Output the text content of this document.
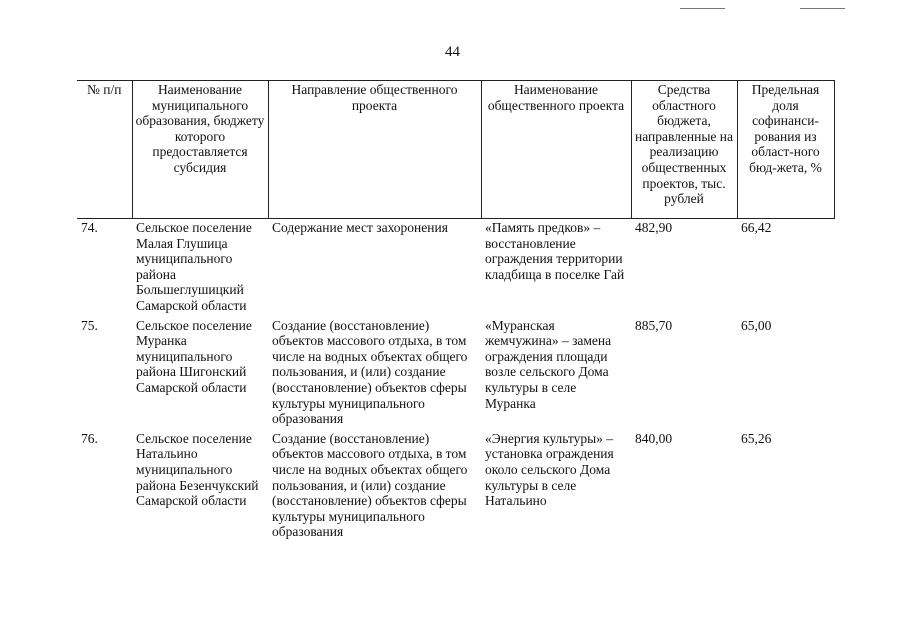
44
№ п/п	Наименование муниципального образования, бюджету которого предоставляется субсидия	Направление общественного проекта	Наименование общественного проекта	Средства областного бюджета, направленные на реализацию общественных проектов, тыс. рублей	Предельная доля софинанси-рования из област-ного бюд-жета, %
74.	Сельское поселение Малая Глушица муниципального района Большеглушицкий Самарской области	Содержание мест захоронения	«Память предков» – восстановление ограждения территории кладбища в поселке Гай	482,90	66,42
75.	Сельское поселение Муранка муниципального района Шигонский Самарской области	Создание (восстановление) объектов массового отдыха, в том числе на водных объектах общего пользования, и (или) создание (восстановление) объектов сферы культуры муниципального образования	«Муранская жемчужина» – замена ограждения площади возле сельского Дома культуры в селе Муранка	885,70	65,00
76.	Сельское поселение Натальино муниципального района Безенчукский Самарской области	Создание (восстановление) объектов массового отдыха, в том числе на водных объектах общего пользования, и (или) создание (восстановление) объектов сферы культуры муниципального образования	«Энергия культуры» – установка ограждения около сельского Дома культуры в селе Натальино	840,00	65,26
